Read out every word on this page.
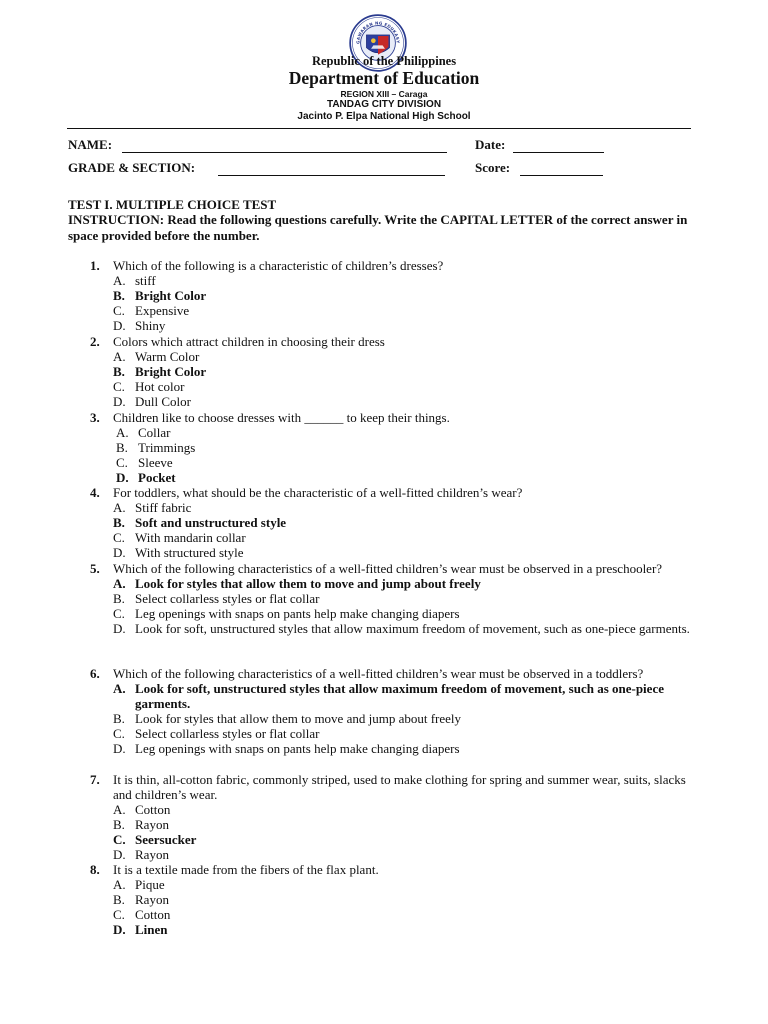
GAWARAN NG EDUKASY
Republic of the Philippines
Department of Education
REGION XIII – Caraga
TANDAG CITY DIVISION
Jacinto P. Elpa National High School
NAME:	Date:
GRADE & SECTION:	Score:
TEST I. MULTIPLE CHOICE TEST
INSTRUCTION: Read the following questions carefully. Write the CAPITAL LETTER of the correct answer in space provided before the number.
1.	Which of the following is a characteristic of children’s dresses?
A. stiff
B. Bright Color
C. Expensive
D. Shiny
2.	Colors which attract children in choosing their dress
A. Warm Color
B. Bright Color
C. Hot color
D. Dull Color
3.	Children like to choose dresses with ______ to keep their things.
A. Collar
B. Trimmings
C. Sleeve
D. Pocket
4.	For toddlers, what should be the characteristic of a well-fitted children’s wear?
A. Stiff fabric
B. Soft and unstructured style
C. With mandarin collar
D. With structured style
5.	Which of the following characteristics of a well-fitted children’s wear must be observed in a preschooler?
A. Look for styles that allow them to move and jump about freely
B. Select collarless styles or flat collar
C. Leg openings with snaps on pants help make changing diapers
D. Look for soft, unstructured styles that allow maximum freedom of movement, such as one-piece garments.
6.	Which of the following characteristics of a well-fitted children’s wear must be observed in a toddlers?
A. Look for soft, unstructured styles that allow maximum freedom of movement, such as one-piece garments.
B. Look for styles that allow them to move and jump about freely
C. Select collarless styles or flat collar
D. Leg openings with snaps on pants help make changing diapers
7.	It is thin, all-cotton fabric, commonly striped, used to make clothing for spring and summer wear, suits, slacks and children’s wear.
A. Cotton
B. Rayon
C. Seersucker
D. Rayon
8.	It is a textile made from the fibers of the flax plant.
A. Pique
B. Rayon
C. Cotton
D. Linen
